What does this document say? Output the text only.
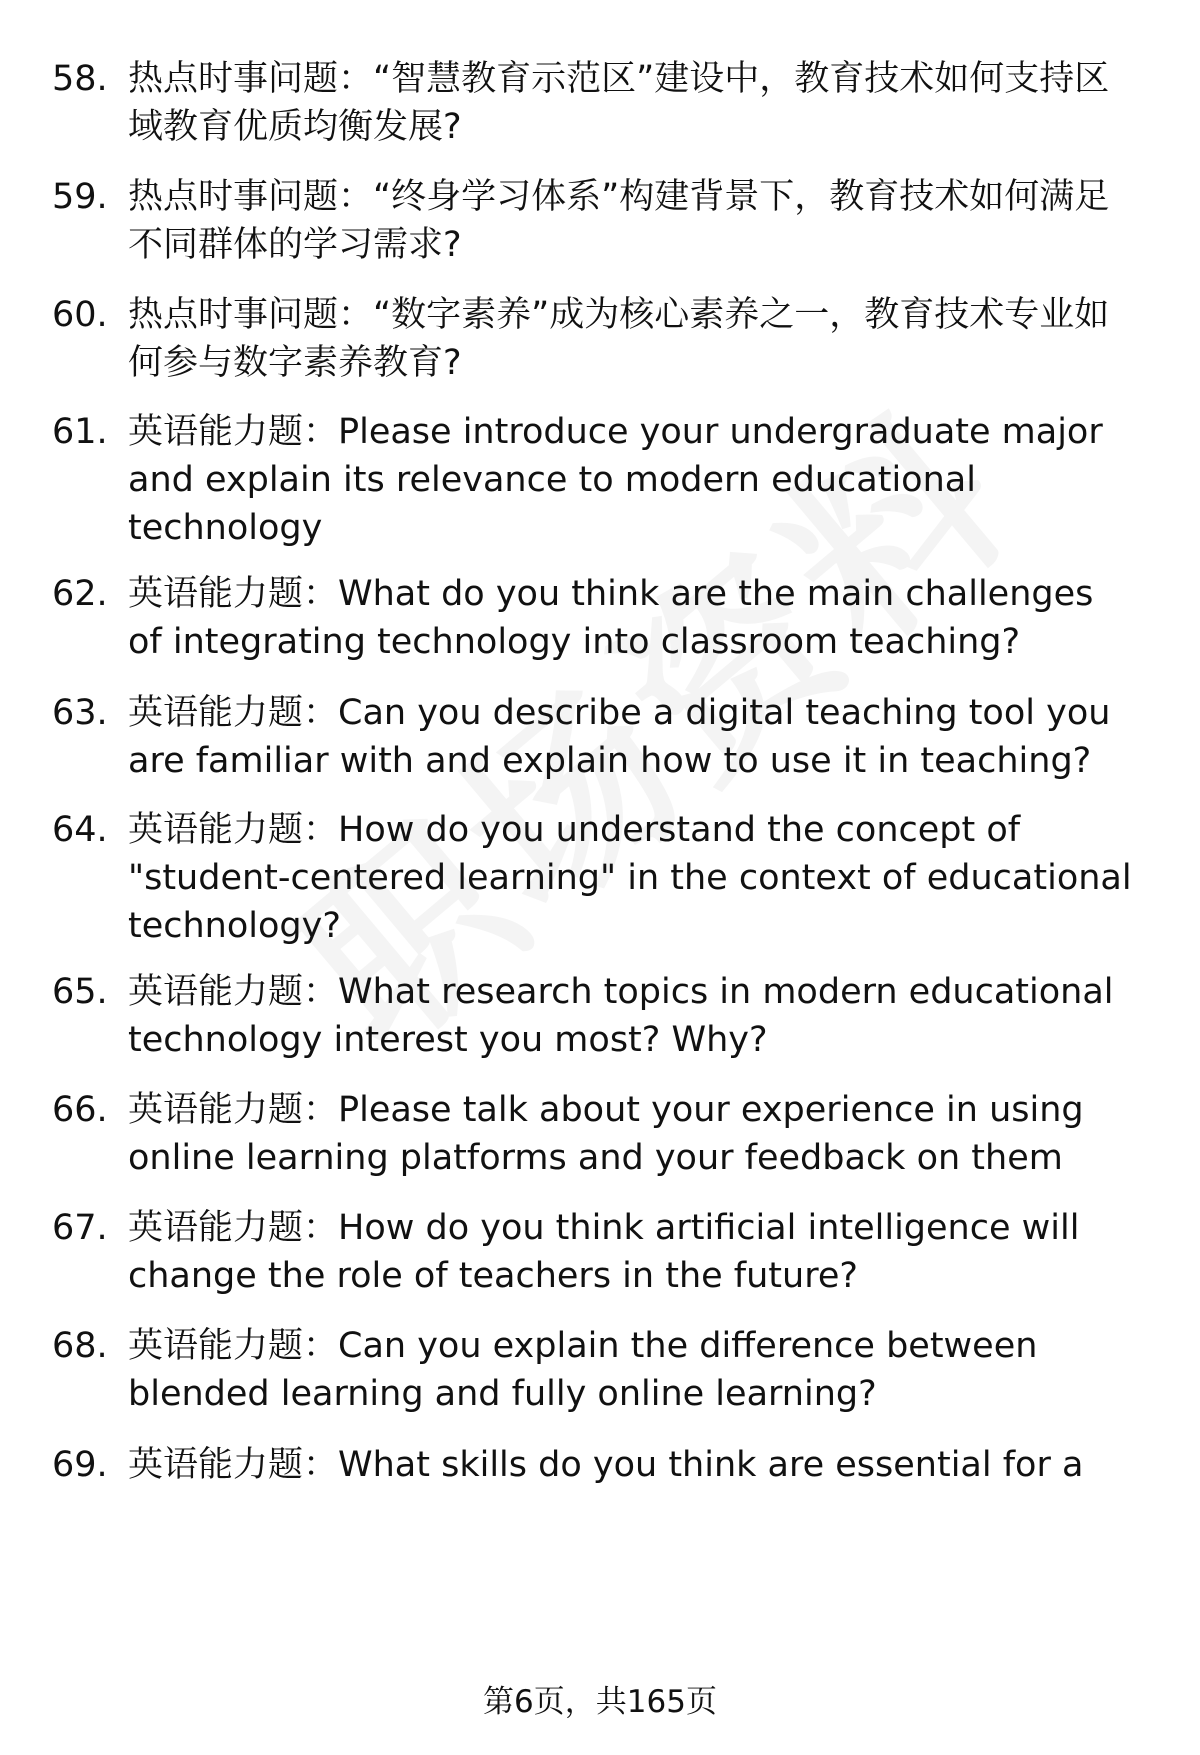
58. 热点时事问题：“智慧教育示范区”建设中，教育技术如何支持区域教育优质均衡发展?
59. 热点时事问题：“终身学习体系”构建背景下，教育技术如何满足不同群体的学习需求?
60. 热点时事问题：“数字素养”成为核心素养之一，教育技术专业如何参与数字素养教育?
61. 英语能力题：Please introduce your undergraduate major and explain its relevance to modern educational technology
62. 英语能力题：What do you think are the main challenges of integrating technology into classroom teaching?
63. 英语能力题：Can you describe a digital teaching tool you are familiar with and explain how to use it in teaching?
64. 英语能力题：How do you understand the concept of "student-centered learning" in the context of educational technology?
65. 英语能力题：What research topics in modern educational technology interest you most? Why?
66. 英语能力题：Please talk about your experience in using online learning platforms and your feedback on them
67. 英语能力题：How do you think artificial intelligence will change the role of teachers in the future?
68. 英语能力题：Can you explain the difference between blended learning and fully online learning?
69. 英语能力题：What skills do you think are essential for a
第6页，共165页
